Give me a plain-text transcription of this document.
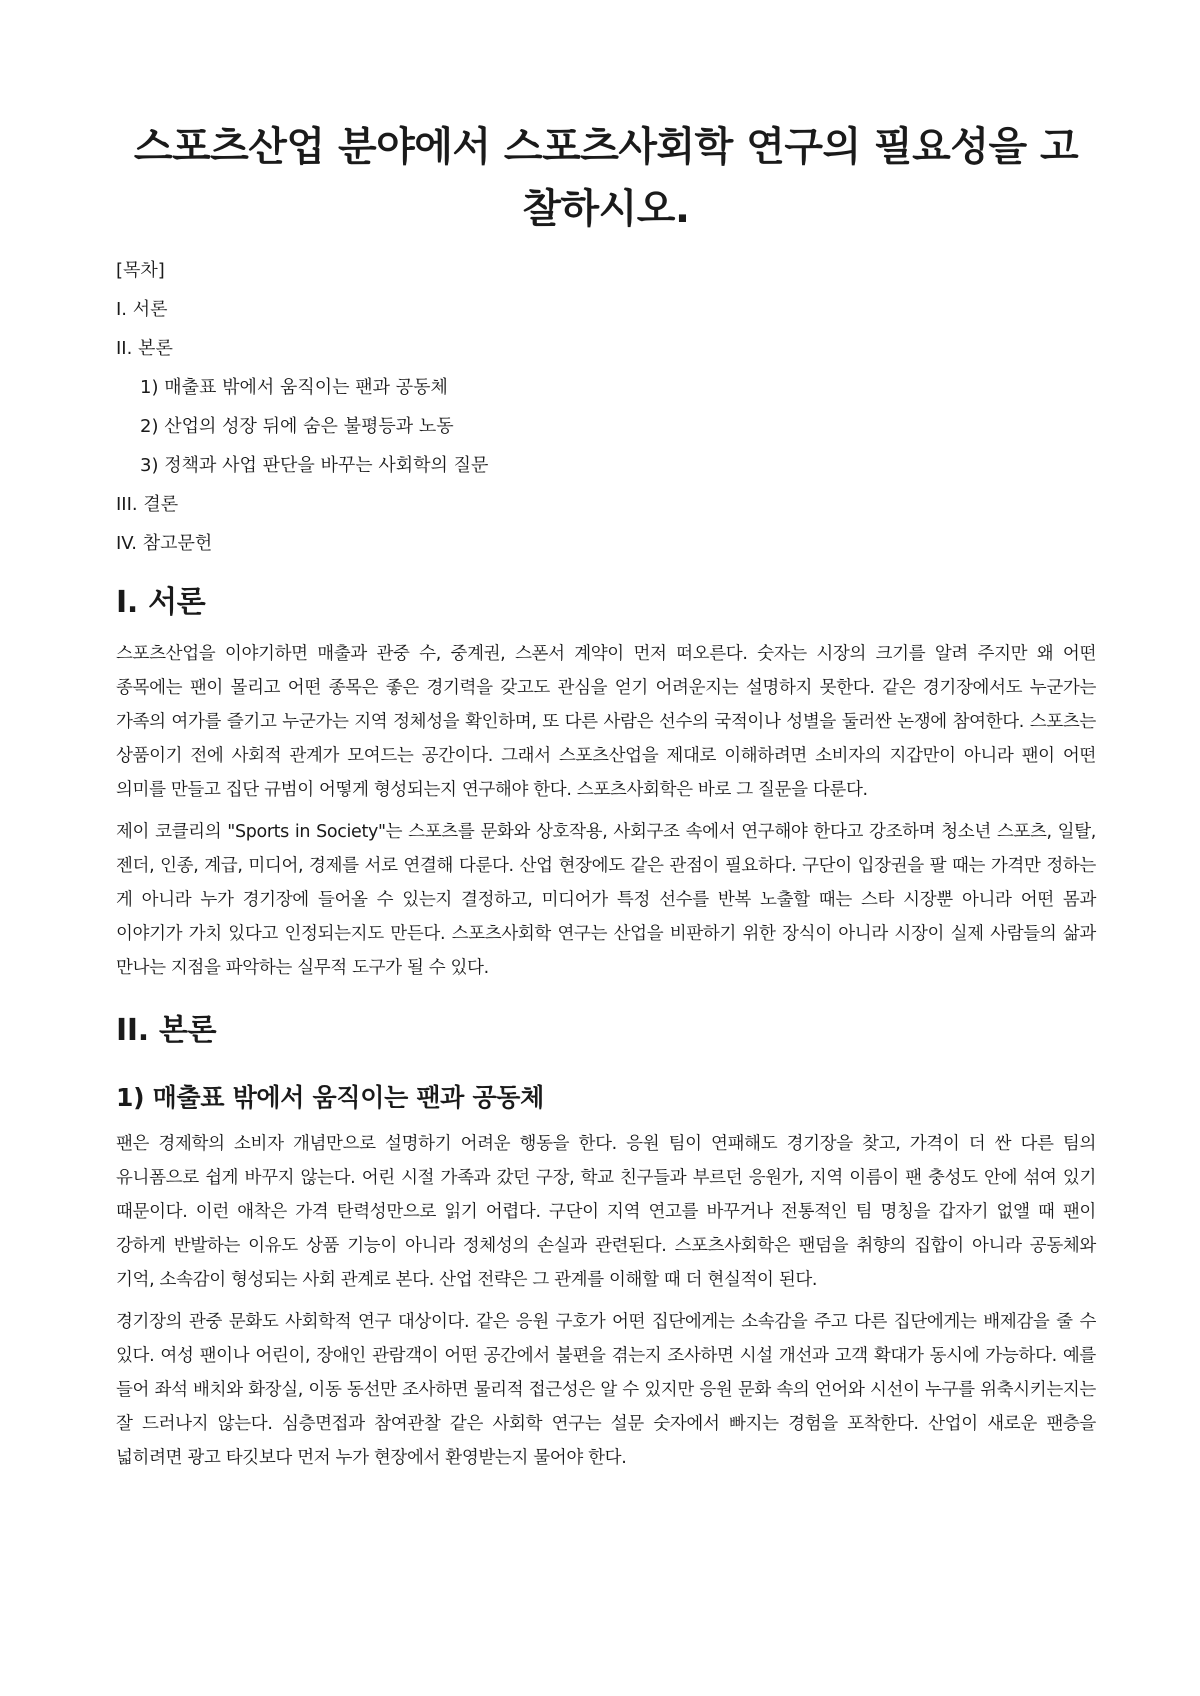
스포츠산업 분야에서 스포츠사회학 연구의 필요성을 고찰하시오.
[목차]
I. 서론
II. 본론
1) 매출표 밖에서 움직이는 팬과 공동체
2) 산업의 성장 뒤에 숨은 불평등과 노동
3) 정책과 사업 판단을 바꾸는 사회학의 질문
III. 결론
IV. 참고문헌
I. 서론

스포츠산업을 이야기하면 매출과 관중 수, 중계권, 스폰서 계약이 먼저 떠오른다. 숫자는 시장의 크기를 알려 주지만 왜 어떤 종목에는 팬이 몰리고 어떤 종목은 좋은 경기력을 갖고도 관심을 얻기 어려운지는 설명하지 못한다. 같은 경기장에서도 누군가는 가족의 여가를 즐기고 누군가는 지역 정체성을 확인하며, 또 다른 사람은 선수의 국적이나 성별을 둘러싼 논쟁에 참여한다. 스포츠는 상품이기 전에 사회적 관계가 모여드는 공간이다. 그래서 스포츠산업을 제대로 이해하려면 소비자의 지갑만이 아니라 팬이 어떤 의미를 만들고 집단 규범이 어떻게 형성되는지 연구해야 한다. 스포츠사회학은 바로 그 질문을 다룬다.

제이 코클리의 "Sports in Society"는 스포츠를 문화와 상호작용, 사회구조 속에서 연구해야 한다고 강조하며 청소년 스포츠, 일탈, 젠더, 인종, 계급, 미디어, 경제를 서로 연결해 다룬다. 산업 현장에도 같은 관점이 필요하다. 구단이 입장권을 팔 때는 가격만 정하는 게 아니라 누가 경기장에 들어올 수 있는지 결정하고, 미디어가 특정 선수를 반복 노출할 때는 스타 시장뿐 아니라 어떤 몸과 이야기가 가치 있다고 인정되는지도 만든다. 스포츠사회학 연구는 산업을 비판하기 위한 장식이 아니라 시장이 실제 사람들의 삶과 만나는 지점을 파악하는 실무적 도구가 될 수 있다.

II. 본론
1) 매출표 밖에서 움직이는 팬과 공동체

팬은 경제학의 소비자 개념만으로 설명하기 어려운 행동을 한다. 응원 팀이 연패해도 경기장을 찾고, 가격이 더 싼 다른 팀의 유니폼으로 쉽게 바꾸지 않는다. 어린 시절 가족과 갔던 구장, 학교 친구들과 부르던 응원가, 지역 이름이 팬 충성도 안에 섞여 있기 때문이다. 이런 애착은 가격 탄력성만으로 읽기 어렵다. 구단이 지역 연고를 바꾸거나 전통적인 팀 명칭을 갑자기 없앨 때 팬이 강하게 반발하는 이유도 상품 기능이 아니라 정체성의 손실과 관련된다. 스포츠사회학은 팬덤을 취향의 집합이 아니라 공동체와 기억, 소속감이 형성되는 사회 관계로 본다. 산업 전략은 그 관계를 이해할 때 더 현실적이 된다.

경기장의 관중 문화도 사회학적 연구 대상이다. 같은 응원 구호가 어떤 집단에게는 소속감을 주고 다른 집단에게는 배제감을 줄 수 있다. 여성 팬이나 어린이, 장애인 관람객이 어떤 공간에서 불편을 겪는지 조사하면 시설 개선과 고객 확대가 동시에 가능하다. 예를 들어 좌석 배치와 화장실, 이동 동선만 조사하면 물리적 접근성은 알 수 있지만 응원 문화 속의 언어와 시선이 누구를 위축시키는지는 잘 드러나지 않는다. 심층면접과 참여관찰 같은 사회학 연구는 설문 숫자에서 빠지는 경험을 포착한다. 산업이 새로운 팬층을 넓히려면 광고 타깃보다 먼저 누가 현장에서 환영받는지 물어야 한다.
